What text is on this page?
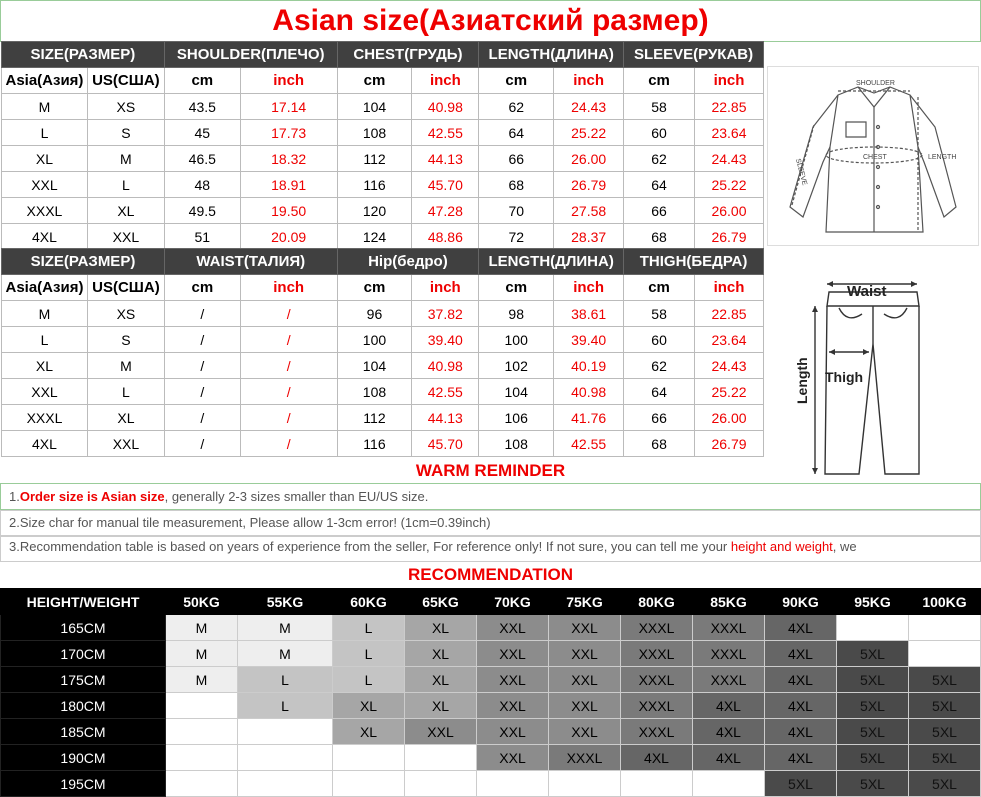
Asian size(Азиатский размер)
SIZE(РАЗМЕР)		SHOULDER(ПЛЕЧО)		CHEST(ГРУДЬ)		LENGTH(ДЛИНА)		SLEEVE(РУКАВ)	
Asia(Азия)	US(США)	cm	inch	cm	inch	cm	inch	cm	inch
M	XS	43.5	17.14	104	40.98	62	24.43	58	22.85
L	S	45	17.73	108	42.55	64	25.22	60	23.64
XL	M	46.5	18.32	112	44.13	66	26.00	62	24.43
XXL	L	48	18.91	116	45.70	68	26.79	64	25.22
XXXL	XL	49.5	19.50	120	47.28	70	27.58	66	26.00
4XL	XXL	51	20.09	124	48.86	72	28.37	68	26.79
SIZE(РАЗМЕР)		WAIST(ТАЛИЯ)		Hip(бедро)		LENGTH(ДЛИНА)		THIGH(БЕДРА)	
Asia(Азия)	US(США)	cm	inch	cm	inch	cm	inch	cm	inch
M	XS	/	/	96	37.82	98	38.61	58	22.85
L	S	/	/	100	39.40	100	39.40	60	23.64
XL	M	/	/	104	40.98	102	40.19	62	24.43
XXL	L	/	/	108	42.55	104	40.98	64	25.22
XXXL	XL	/	/	112	44.13	106	41.76	66	26.00
4XL	XXL	/	/	116	45.70	108	42.55	68	26.79
SHOULDER
CHEST	LENGTH
SLEEVE
Waist
Thigh
Length
WARM REMINDER
1.Order size is Asian size, generally 2-3 sizes smaller than EU/US size.
2.Size char for manual tile measurement, Please allow 1-3cm error! (1cm=0.39inch)
3.Recommendation table is based on years of experience from the seller, For reference only! If not sure, you can tell me your height and weight, we
RECOMMENDATION
HEIGHT/WEIGHT	50KG	55KG	60KG	65KG	70KG	75KG	80KG	85KG	90KG	95KG	100KG
165CM	M	M	L	XL	XXL	XXL	XXXL	XXXL	4XL		
170CM	M	M	L	XL	XXL	XXL	XXXL	XXXL	4XL	5XL	
175CM	M	L	L	XL	XXL	XXL	XXXL	XXXL	4XL	5XL	5XL
180CM		L	XL	XL	XXL	XXL	XXXL	4XL	4XL	5XL	5XL
185CM			XL	XXL	XXL	XXL	XXXL	4XL	4XL	5XL	5XL
190CM					XXL	XXXL	4XL	4XL	4XL	5XL	5XL
195CM									5XL	5XL	5XL
